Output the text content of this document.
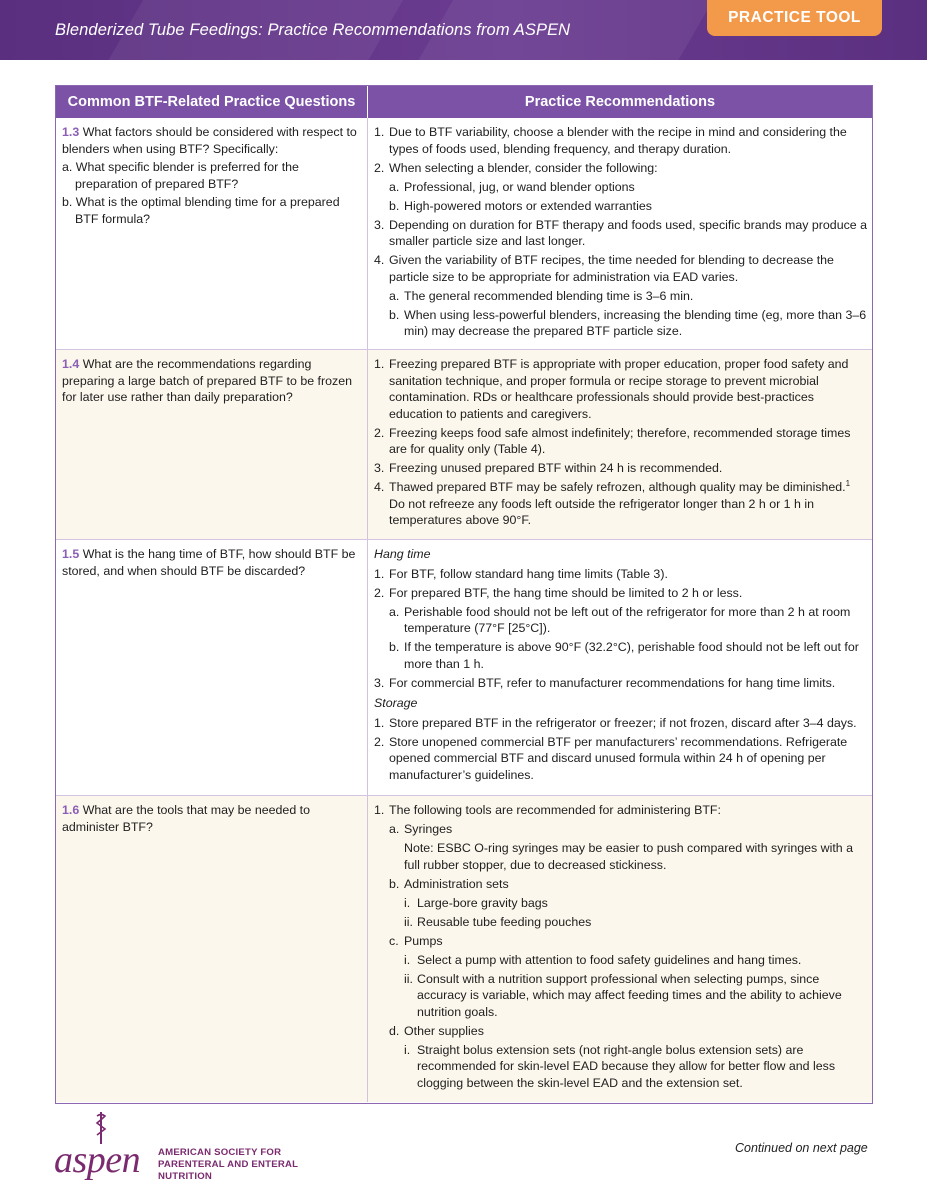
Blenderized Tube Feedings: Practice Recommendations from ASPEN
PRACTICE TOOL
Common BTF-Related Practice Questions	Practice Recommendations
1.3 What factors should be considered with respect to blenders when using BTF? Specifically:
a. What specific blender is preferred for the preparation of prepared BTF?
b. What is the optimal blending time for a prepared BTF formula?
1. Due to BTF variability, choose a blender with the recipe in mind and considering the types of foods used, blending frequency, and therapy duration.
2. When selecting a blender, consider the following:
a. Professional, jug, or wand blender options
b. High-powered motors or extended warranties
3. Depending on duration for BTF therapy and foods used, specific brands may produce a smaller particle size and last longer.
4. Given the variability of BTF recipes, the time needed for blending to decrease the particle size to be appropriate for administration via EAD varies.
a. The general recommended blending time is 3–6 min.
b. When using less-powerful blenders, increasing the blending time (eg, more than 3–6 min) may decrease the prepared BTF particle size.
1.4 What are the recommendations regarding preparing a large batch of prepared BTF to be frozen for later use rather than daily preparation?
1. Freezing prepared BTF is appropriate with proper education, proper food safety and sanitation technique, and proper formula or recipe storage to prevent microbial contamination. RDs or healthcare professionals should provide best-practices education to patients and caregivers.
2. Freezing keeps food safe almost indefinitely; therefore, recommended storage times are for quality only (Table 4).
3. Freezing unused prepared BTF within 24 h is recommended.
4. Thawed prepared BTF may be safely refrozen, although quality may be diminished.$^1$ Do not refreeze any foods left outside the refrigerator longer than 2 h or 1 h in temperatures above 90°F.
1.5 What is the hang time of BTF, how should BTF be stored, and when should BTF be discarded?
Hang time
1. For BTF, follow standard hang time limits (Table 3).
2. For prepared BTF, the hang time should be limited to 2 h or less.
a. Perishable food should not be left out of the refrigerator for more than 2 h at room temperature (77°F [25°C]).
b. If the temperature is above 90°F (32.2°C), perishable food should not be left out for more than 1 h.
3. For commercial BTF, refer to manufacturer recommendations for hang time limits.
Storage
1. Store prepared BTF in the refrigerator or freezer; if not frozen, discard after 3–4 days.
2. Store unopened commercial BTF per manufacturers’ recommendations. Refrigerate opened commercial BTF and discard unused formula within 24 h of opening per manufacturer’s guidelines.
1.6 What are the tools that may be needed to administer BTF?
1. The following tools are recommended for administering BTF:
a. Syringes
Note: ESBC O-ring syringes may be easier to push compared with syringes with a full rubber stopper, due to decreased stickiness.
b. Administration sets
i. Large-bore gravity bags
ii. Reusable tube feeding pouches
c. Pumps
i. Select a pump with attention to food safety guidelines and hang times.
ii. Consult with a nutrition support professional when selecting pumps, since accuracy is variable, which may affect feeding times and the ability to achieve nutrition goals.
d. Other supplies
i. Straight bolus extension sets (not right-angle bolus extension sets) are recommended for skin-level EAD because they allow for better flow and less clogging between the skin-level EAD and the extension set.
aspen AMERICAN SOCIETY FOR
PARENTERAL AND ENTERAL NUTRITION
Continued on next page
